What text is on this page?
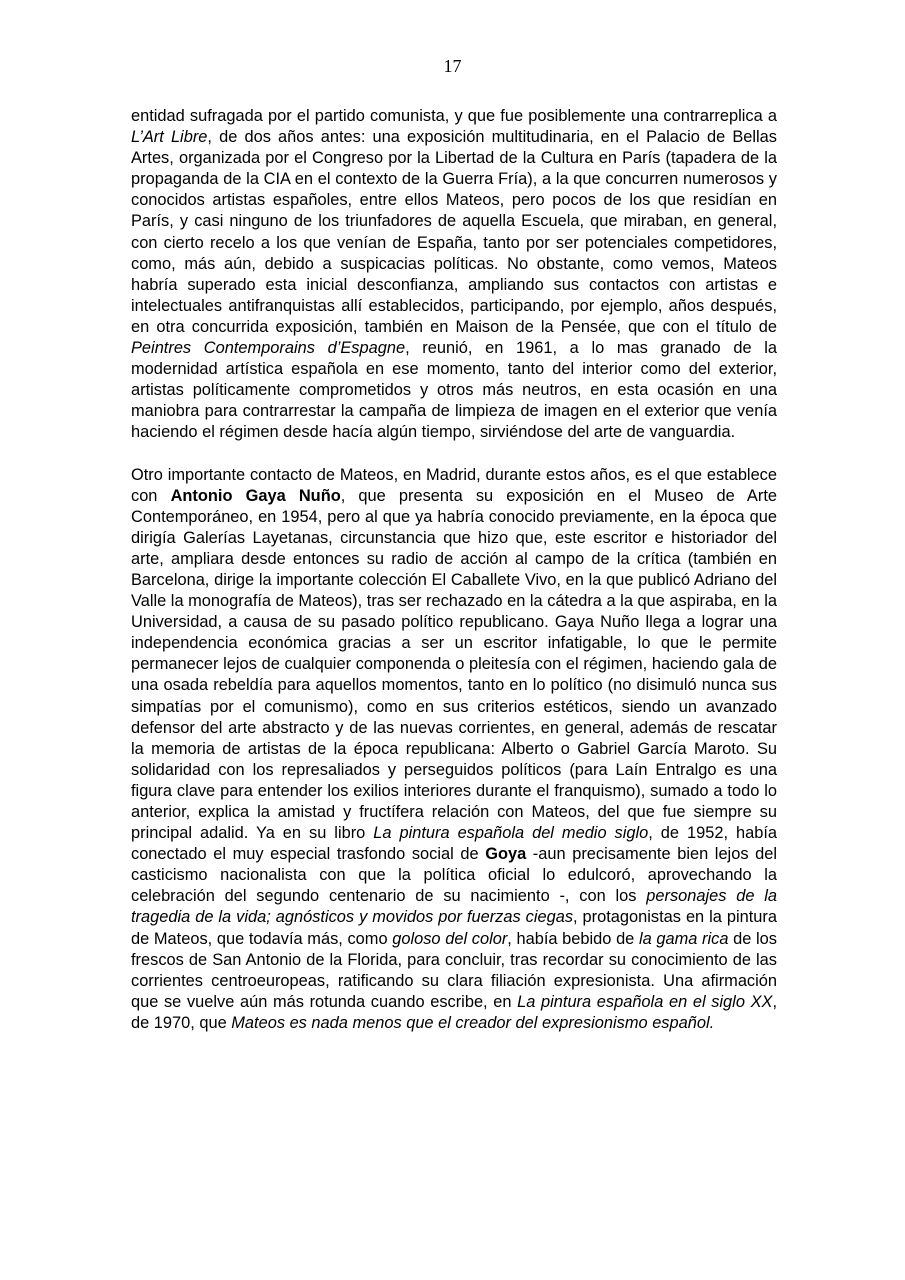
17

entidad sufragada por el partido comunista, y que fue posiblemente una contrarreplica a L’Art Libre, de dos años antes: una exposición multitudinaria, en el Palacio de Bellas Artes, organizada por el Congreso por la Libertad de la Cultura en París (tapadera de la propaganda de la CIA en el contexto de la Guerra Fría), a la que concurren numerosos y conocidos artistas españoles, entre ellos Mateos, pero pocos de los que residían en París, y casi ninguno de los triunfadores de aquella Escuela, que miraban, en general, con cierto recelo a los que venían de España, tanto por ser potenciales competidores, como, más aún, debido a suspicacias políticas. No obstante, como vemos, Mateos habría superado esta inicial desconfianza, ampliando sus contactos con artistas e intelectuales antifranquistas allí establecidos, participando, por ejemplo, años después, en otra concurrida exposición, también en Maison de la Pensée, que con el título de Peintres Contemporains d’Espagne, reunió, en 1961, a lo mas granado de la modernidad artística española en ese momento, tanto del interior como del exterior, artistas políticamente comprometidos y otros más neutros, en esta ocasión en una maniobra para contrarrestar la campaña de limpieza de imagen en el exterior que venía haciendo el régimen desde hacía algún tiempo, sirviéndose del arte de vanguardia.

Otro importante contacto de Mateos, en Madrid, durante estos años, es el que establece con Antonio Gaya Nuño, que presenta su exposición en el Museo de Arte Contemporáneo, en 1954, pero al que ya habría conocido previamente, en la época que dirigía Galerías Layetanas, circunstancia que hizo que, este escritor e historiador del arte, ampliara desde entonces su radio de acción al campo de la crítica (también en Barcelona, dirige la importante colección El Caballete Vivo, en la que publicó Adriano del Valle la monografía de Mateos), tras ser rechazado en la cátedra a la que aspiraba, en la Universidad, a causa de su pasado político republicano. Gaya Nuño llega a lograr una independencia económica gracias a ser un escritor infatigable, lo que le permite permanecer lejos de cualquier componenda o pleitesía con el régimen, haciendo gala de una osada rebeldía para aquellos momentos, tanto en lo político (no disimuló nunca sus simpatías por el comunismo), como en sus criterios estéticos, siendo un avanzado defensor del arte abstracto y de las nuevas corrientes, en general, además de rescatar la memoria de artistas de la época republicana: Alberto o Gabriel García Maroto. Su solidaridad con los represaliados y perseguidos políticos (para Laín Entralgo es una figura clave para entender los exilios interiores durante el franquismo), sumado a todo lo anterior, explica la amistad y fructífera relación con Mateos, del que fue siempre su principal adalid. Ya en su libro La pintura española del medio siglo, de 1952, había conectado el muy especial trasfondo social de Goya -aun precisamente bien lejos del casticismo nacionalista con que la política oficial lo edulcoró, aprovechando la celebración del segundo centenario de su nacimiento -, con los personajes de la tragedia de la vida; agnósticos y movidos por fuerzas ciegas, protagonistas en la pintura de Mateos, que todavía más, como goloso del color, había bebido de la gama rica de los frescos de San Antonio de la Florida, para concluir, tras recordar su conocimiento de las corrientes centroeuropeas, ratificando su clara filiación expresionista. Una afirmación que se vuelve aún más rotunda cuando escribe, en La pintura española en el siglo XX, de 1970, que Mateos es nada menos que el creador del expresionismo español.
